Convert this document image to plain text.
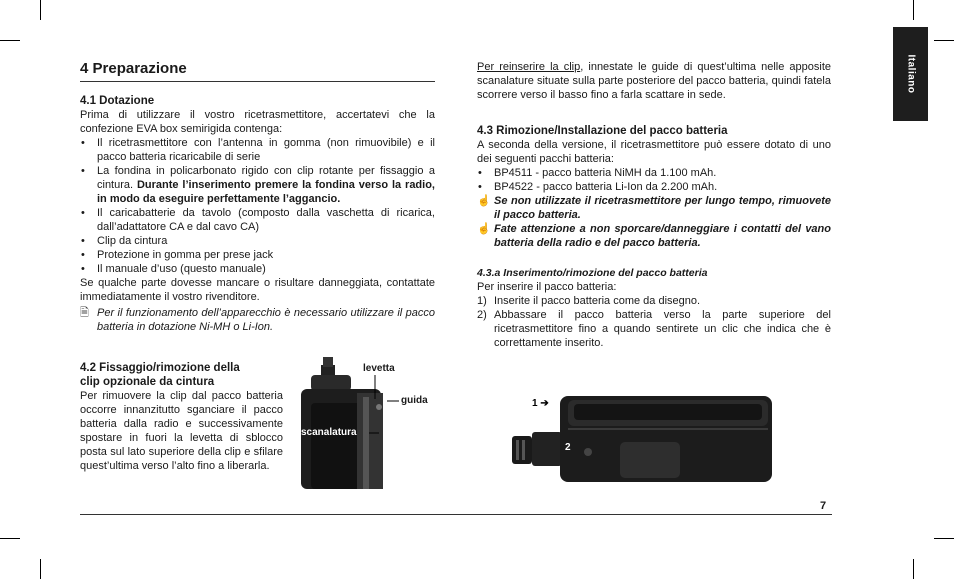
Italiano
4 Preparazione
4.1 Dotazione

Prima di utilizzare il vostro ricetrasmettitore, accertatevi che la confezione EVA box semirigida contenga:

• Il ricetrasmettitore con l’antenna in gomma (non rimuovibile) e il pacco batteria ricaricabile di serie
• La fondina in policarbonato rigido con clip rotante per fissaggio a cintura. Durante l’inserimento premere la fondina verso la radio, in modo da eseguire perfettamente l’aggancio.
• Il caricabatterie da tavolo (composto dalla vaschetta di ricarica, dall’adattatore CA e dal cavo CA)
• Clip da cintura
• Protezione in gomma per prese jack
• Il manuale d’uso (questo manuale)

Se qualche parte dovesse mancare o risultare danneggiata, contattate immediatamente il vostro rivenditore.

🗎 Per il funzionamento dell’apparecchio è necessario utilizzare il pacco batteria in dotazione Ni-MH o Li-Ion.
4.2 Fissaggio/rimozione della
clip opzionale da cintura

Per rimuovere la clip dal pacco batteria occorre innanzitutto sganciare il pacco batteria dalla radio e successivamente spostare in fuori la levetta di sblocco posta sul lato superiore della clip e sfilare quest’ultima verso l’alto fino a liberarla.

levetta
guida
scanalatura

Per reinserire la clip, innestate le guide di quest’ultima nelle apposite scanalature situate sulla parte posteriore del pacco batteria, quindi fatela scorrere verso il basso fino a farla scattare in sede.

4.3 Rimozione/Installazione del pacco batteria

A seconda della versione, il ricetrasmettitore può essere dotato di uno dei seguenti pacchi batteria:

• BP4511 - pacco batteria NiMH da 1.100 mAh.
• BP4522 - pacco batteria Li-Ion da 2.200 mAh.
☝ Se non utilizzate il ricetrasmettitore per lungo tempo, rimuovete il pacco batteria.
☝ Fate attenzione a non sporcare/danneggiare i contatti del vano batteria della radio e del pacco batteria.
4.3.a Inserimento/rimozione del pacco batteria

Per inserire il pacco batteria:

1) Inserite il pacco batteria come da disegno.
2) Abbassare il pacco batteria verso la parte superiore del ricetrasmettitore fino a quando sentirete un clic che indica che è correttamente inserito.
1 ➔
2
7
